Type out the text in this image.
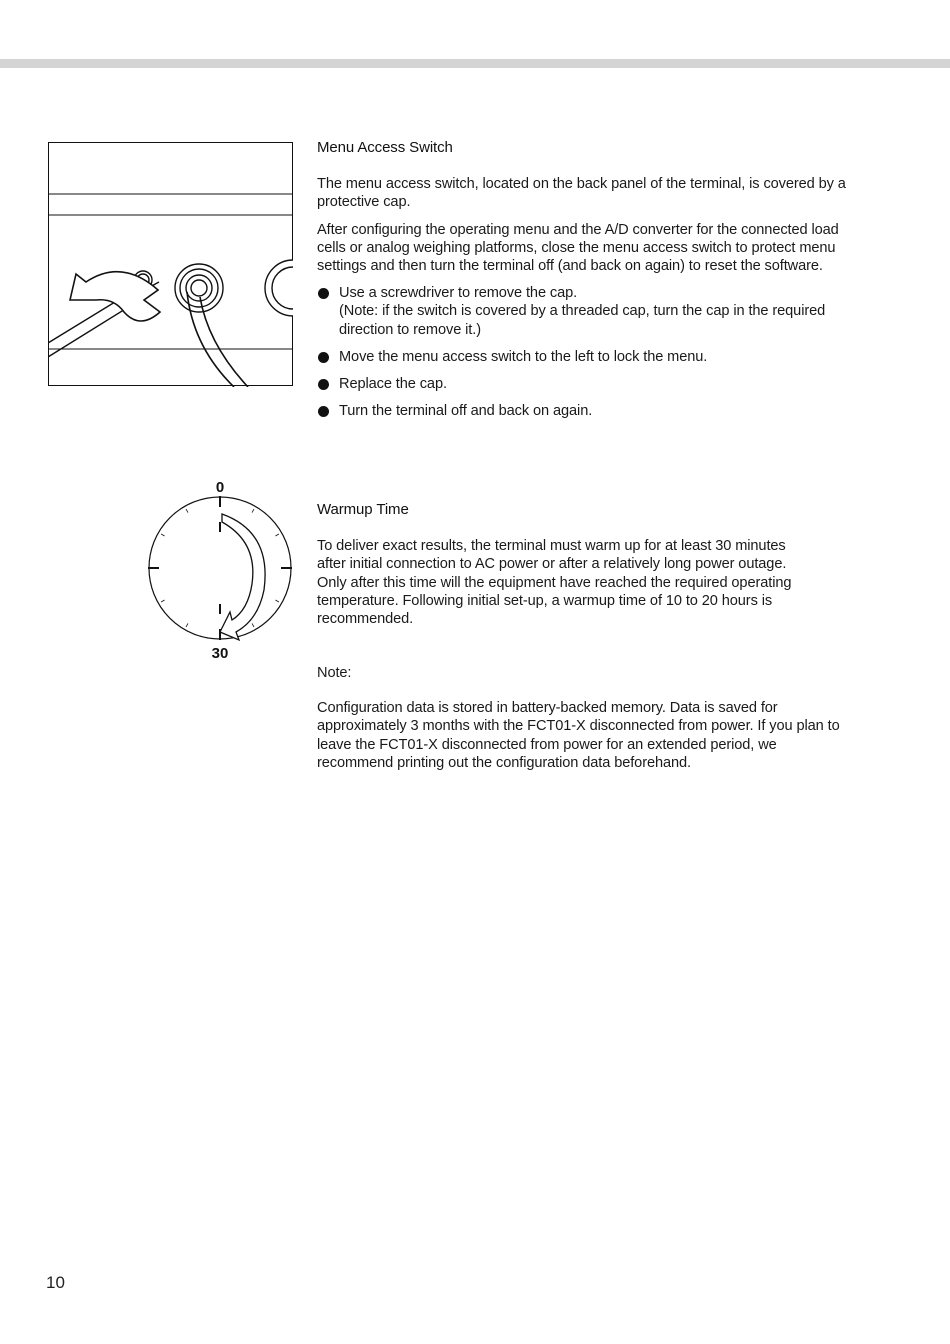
0
30
Menu Access Switch

The menu access switch, located on the back panel of the terminal, is covered by a protective cap.

After configuring the operating menu and the A/D converter for the connected load cells or analog weighing platforms, close the menu access switch to protect menu settings and then turn the terminal off (and back on again) to reset the software.

Use a screwdriver to remove the cap.
(Note: if the switch is covered by a threaded cap, turn the cap in the required direction to remove it.)
Move the menu access switch to the left to lock the menu.
Replace the cap.
Turn the terminal off and back on again.
Warmup Time

To deliver exact results, the terminal must warm up for at least 30 minutes after initial connection to AC power or after a relatively long power outage. Only after this time will the equipment have reached the required operating temperature. Following initial set-up, a warmup time of 10 to 20 hours is recommended.

Note:

Configuration data is stored in battery-backed memory. Data is saved for approximately 3 months with the FCT01-X disconnected from power. If you plan to leave the FCT01-X disconnected from power for an extended period, we recommend printing out the configuration data beforehand.

10
